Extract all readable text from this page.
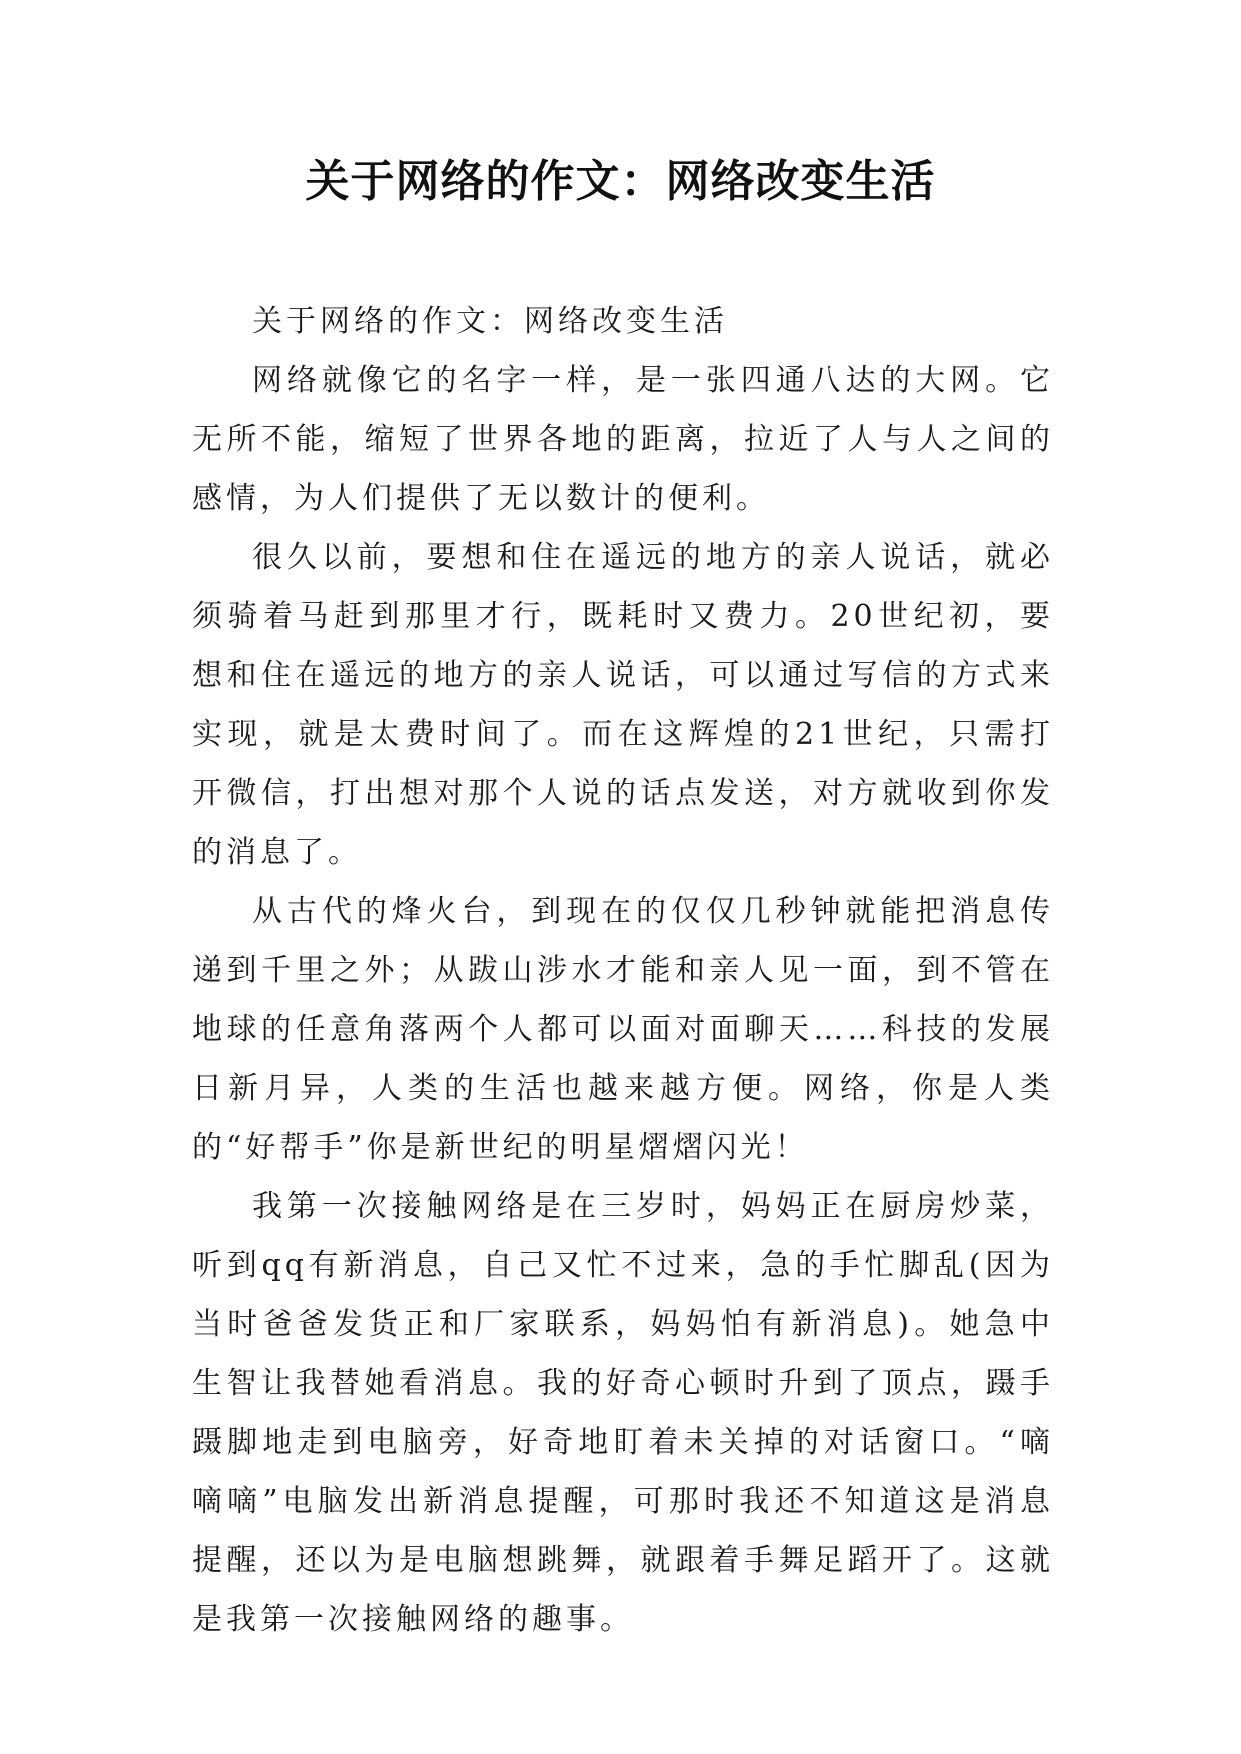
关于网络的作文：网络改变生活

关于网络的作文：网络改变生活

网络就像它的名字一样，是一张四通八达的大网。它无所不能，缩短了世界各地的距离，拉近了人与人之间的感情，为人们提供了无以数计的便利。

很久以前，要想和住在遥远的地方的亲人说话，就必须骑着马赶到那里才行，既耗时又费力。20世纪初，要想和住在遥远的地方的亲人说话，可以通过写信的方式来实现，就是太费时间了。而在这辉煌的21世纪，只需打开微信，打出想对那个人说的话点发送，对方就收到你发的消息了。

从古代的烽火台，到现在的仅仅几秒钟就能把消息传递到千里之外；从跋山涉水才能和亲人见一面，到不管在地球的任意角落两个人都可以面对面聊天……科技的发展日新月异，人类的生活也越来越方便。网络，你是人类的“好帮手”你是新世纪的明星熠熠闪光！

我第一次接触网络是在三岁时，妈妈正在厨房炒菜，听到qq有新消息，自己又忙不过来，急的手忙脚乱(因为当时爸爸发货正和厂家联系，妈妈怕有新消息)。她急中生智让我替她看消息。我的好奇心顿时升到了顶点，蹑手蹑脚地走到电脑旁，好奇地盯着未关掉的对话窗口。“嘀嘀嘀”电脑发出新消息提醒，可那时我还不知道这是消息提醒，还以为是电脑想跳舞，就跟着手舞足蹈开了。这就是我第一次接触网络的趣事。
